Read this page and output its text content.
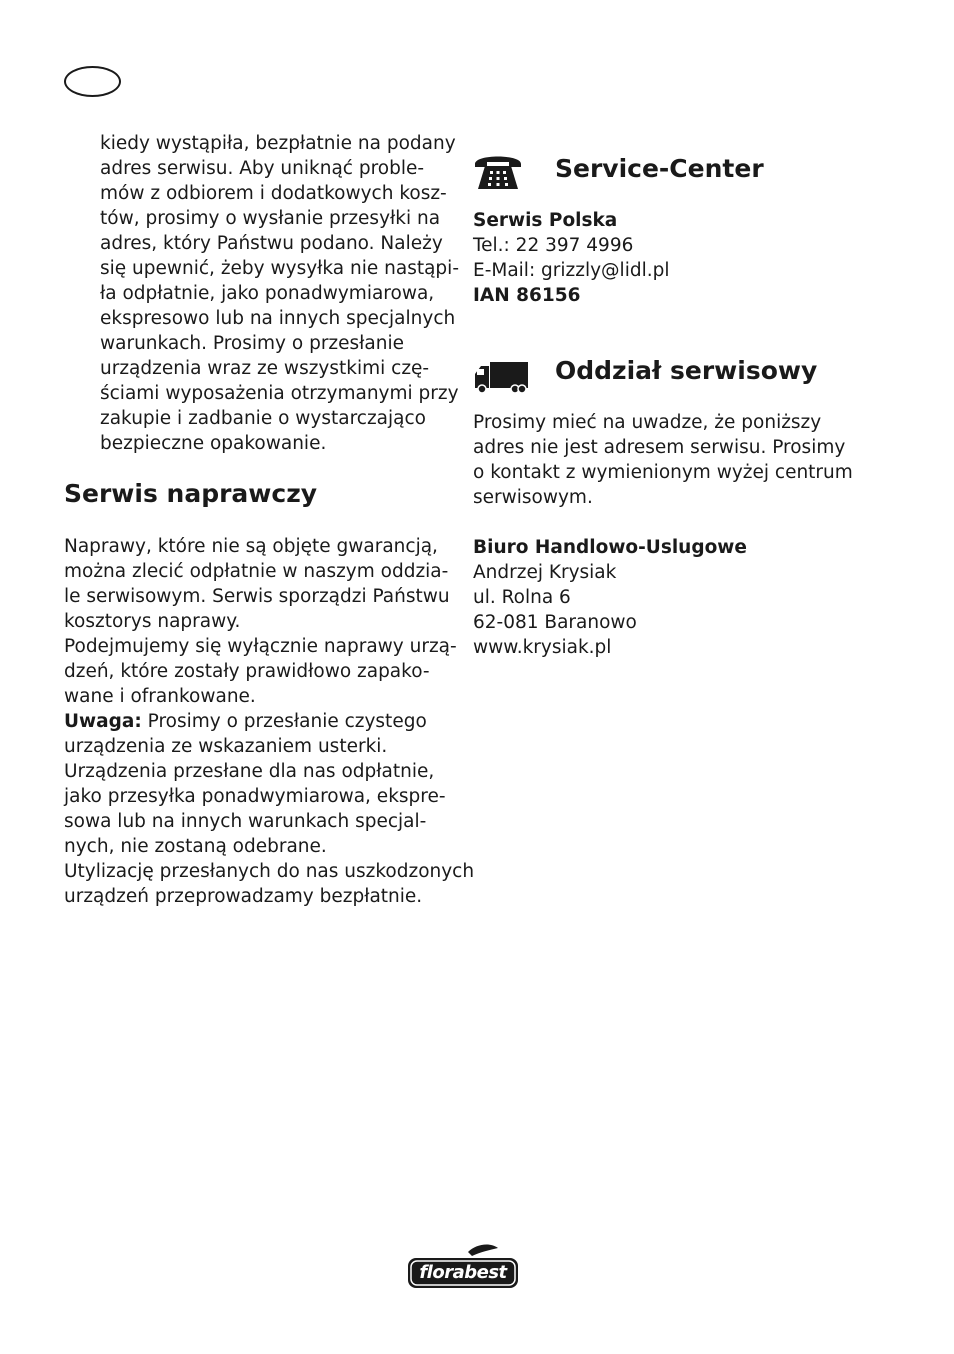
kiedy wystąpiła, bezpłatnie na podany
adres serwisu. Aby uniknąć proble-
mów z odbiorem i dodatkowych kosz-
tów, prosimy o wysłanie przesyłki na
adres, który Państwu podano. Należy
się upewnić, żeby wysyłka nie nastąpi-
ła odpłatnie, jako ponadwymiarowa,
ekspresowo lub na innych specjalnych
warunkach. Prosimy o przesłanie
urządzenia wraz ze wszystkimi czę-
ściami wyposażenia otrzymanymi przy
zakupie i zadbanie o wystarczająco
bezpieczne opakowanie.

Serwis naprawczy

Naprawy, które nie są objęte gwarancją,
można zlecić odpłatnie w naszym oddzia-
le serwisowym. Serwis sporządzi Państwu
kosztorys naprawy.
Podejmujemy się wyłącznie naprawy urzą-
dzeń, które zostały prawidłowo zapako-
wane i ofrankowane.
Uwaga: Prosimy o przesłanie czystego
urządzenia ze wskazaniem usterki.
Urządzenia przesłane dla nas odpłatnie,
jako przesyłka ponadwymiarowa, ekspre-
sowa lub na innych warunkach specjal-
nych, nie zostaną odebrane.
Utylizację przesłanych do nas uszkodzonych
urządzeń przeprowadzamy bezpłatnie.

Service-Center

Serwis Polska
Tel.: 22 397 4996
E-Mail: grizzly@lidl.pl
IAN 86156

Oddział serwisowy

Prosimy mieć na uwadze, że poniższy
adres nie jest adresem serwisu. Prosimy
o kontakt z wymienionym wyżej centrum
serwisowym.

Biuro Handlowo-Uslugowe
Andrzej Krysiak
ul. Rolna 6
62-081 Baranowo
www.krysiak.pl

florabest
